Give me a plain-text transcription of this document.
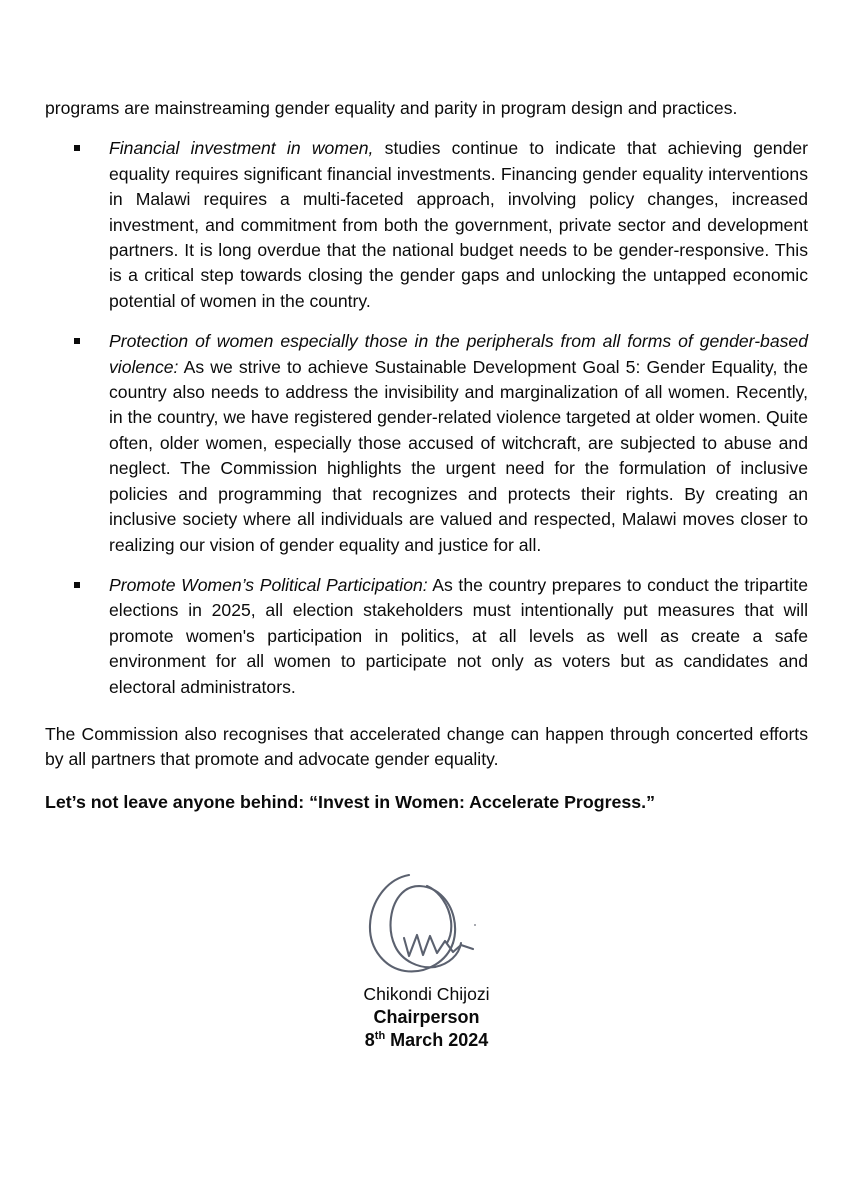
programs are mainstreaming gender equality and parity in program design and practices.

Financial investment in women, studies continue to indicate that achieving gender equality requires significant financial investments. Financing gender equality interventions in Malawi requires a multi-faceted approach, involving policy changes, increased investment, and commitment from both the government, private sector and development partners. It is long overdue that the national budget needs to be gender-responsive. This is a critical step towards closing the gender gaps and unlocking the untapped economic potential of women in the country.
Protection of women especially those in the peripherals from all forms of gender-based violence: As we strive to achieve Sustainable Development Goal 5: Gender Equality, the country also needs to address the invisibility and marginalization of all women. Recently, in the country, we have registered gender-related violence targeted at older women. Quite often, older women, especially those accused of witchcraft, are subjected to abuse and neglect. The Commission highlights the urgent need for the formulation of inclusive policies and programming that recognizes and protects their rights. By creating an inclusive society where all individuals are valued and respected, Malawi moves closer to realizing our vision of gender equality and justice for all.
Promote Women’s Political Participation: As the country prepares to conduct the tripartite elections in 2025, all election stakeholders must intentionally put measures that will promote women's participation in politics, at all levels as well as create a safe environment for all women to participate not only as voters but as candidates and electoral administrators.

The Commission also recognises that accelerated change can happen through concerted efforts by all partners that promote and advocate gender equality.

Let’s not leave anyone behind: “Invest in Women: Accelerate Progress.”

Chikondi Chijozi
Chairperson
8th March 2024
